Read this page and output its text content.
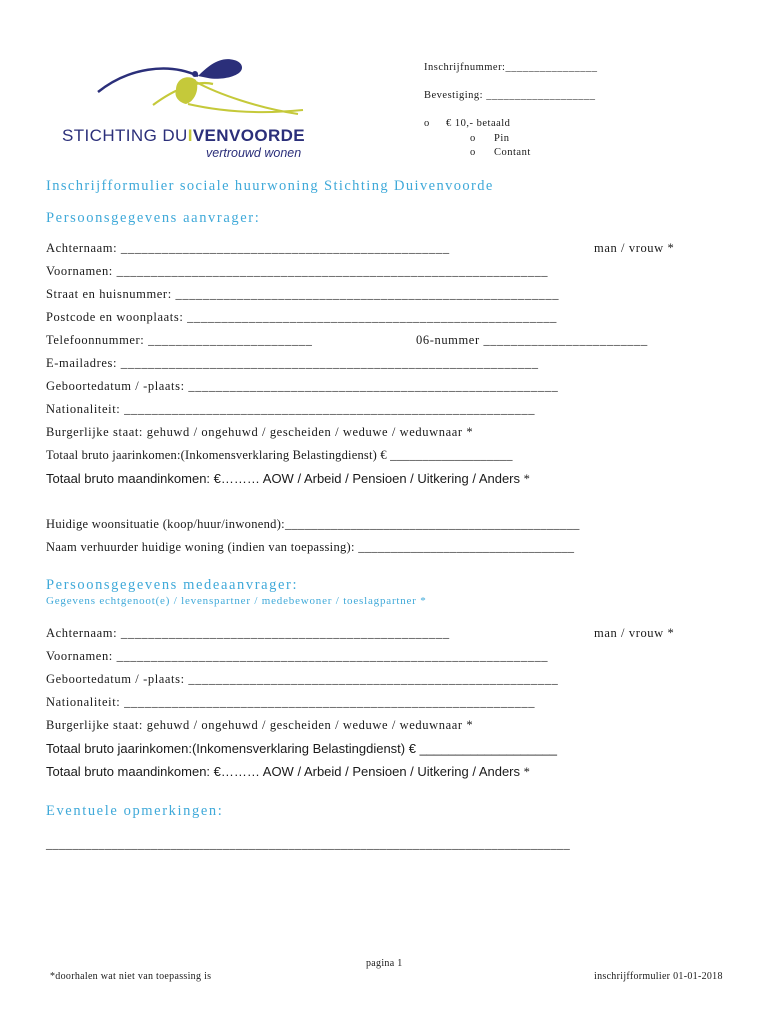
STICHTING DUIVENVOORDE
vertrouwd wonen
Inschrijfnummer:________________
Bevestiging: ___________________
o € 10,- betaald
o Pin
o Contant
Inschrijfformulier sociale huurwoning Stichting Duivenvoorde
Persoonsgegevens aanvrager:
Achternaam: ________________________________________________	man / vrouw *
Voornamen: _______________________________________________________________
Straat en huisnummer: ________________________________________________________
Postcode en woonplaats: ______________________________________________________
Telefoonnummer: ________________________	06-nummer ________________________
E-mailadres: _____________________________________________________________
Geboortedatum / -plaats: ______________________________________________________
Nationaliteit: ____________________________________________________________
Burgerlijke staat: gehuwd / ongehuwd / gescheiden / weduwe / weduwnaar *
Totaal bruto jaarinkomen:(Inkomensverklaring Belastingdienst) € ___________________
Totaal bruto maandinkomen: €……… AOW / Arbeid / Pensioen / Uitkering / Anders *
Huidige woonsituatie (koop/huur/inwonend):_____________________________________________
Naam verhuurder huidige woning (indien van toepassing): _________________________________
Persoonsgegevens medeaanvrager:
Gegevens echtgenoot(e) / levenspartner / medebewoner / toeslagpartner *
Achternaam: ________________________________________________	man / vrouw *
Voornamen: _______________________________________________________________
Geboortedatum / -plaats: ______________________________________________________
Nationaliteit: ____________________________________________________________
Burgerlijke staat: gehuwd / ongehuwd / gescheiden / weduwe / weduwnaar *
Totaal bruto jaarinkomen:(Inkomensverklaring Belastingdienst) € ___________________
Totaal bruto maandinkomen: €……… AOW / Arbeid / Pensioen / Uitkering / Anders *
Eventuele opmerkingen:
________________________________________________________________________________
pagina 1
*doorhalen wat niet van toepassing is	inschrijfformulier 01-01-2018
